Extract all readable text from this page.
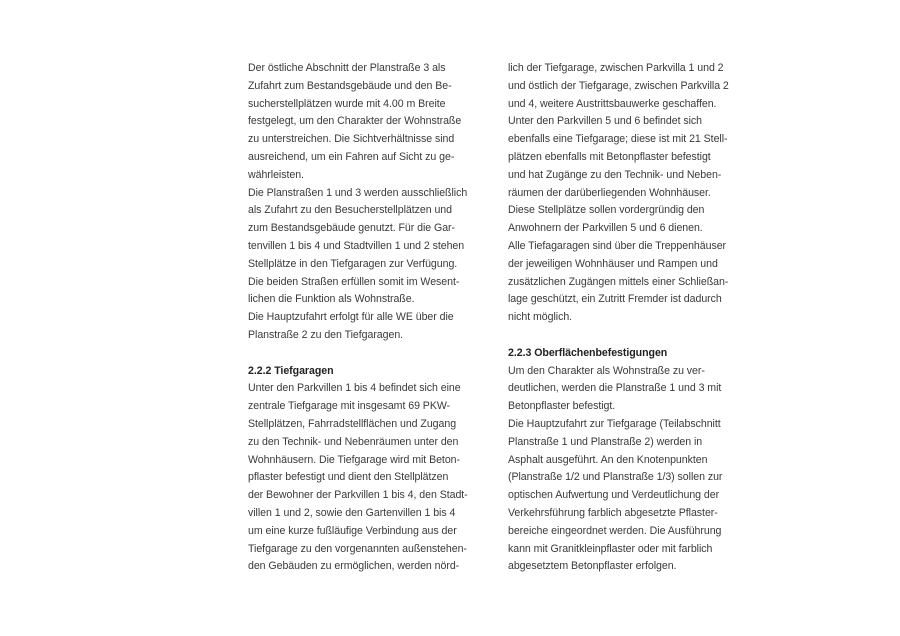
Der östliche Abschnitt der Planstraße 3 als
Zufahrt zum Bestandsgebäude und den Be-
sucherstellplätzen wurde mit 4.00 m Breite
festgelegt, um den Charakter der Wohnstraße
zu unterstreichen. Die Sichtverhältnisse sind
ausreichend, um ein Fahren auf Sicht zu ge-
währleisten.
Die Planstraßen 1 und 3 werden ausschließlich
als Zufahrt zu den Besucherstellplätzen und
zum Bestandsgebäude genutzt. Für die Gar-
tenvillen 1 bis 4 und Stadtvillen 1 und 2 stehen
Stellplätze in den Tiefgaragen zur Verfügung.
Die beiden Straßen erfüllen somit im Wesent-
lichen die Funktion als Wohnstraße.
Die Hauptzufahrt erfolgt für alle WE über die
Planstraße 2 zu den Tiefgaragen.
2.2.2 Tiefgaragen
Unter den Parkvillen 1 bis 4 befindet sich eine
zentrale Tiefgarage mit insgesamt 69 PKW-
Stellplätzen, Fahrradstellflächen und Zugang
zu den Technik- und Nebenräumen unter den
Wohnhäusern. Die Tiefgarage wird mit Beton-
pflaster befestigt und dient den Stellplätzen
der Bewohner der Parkvillen 1 bis 4, den Stadt-
villen 1 und 2, sowie den Gartenvillen 1 bis 4
um eine kurze fußläufige Verbindung aus der
Tiefgarage zu den vorgenannten außenstehen-
den Gebäuden zu ermöglichen, werden nörd-
lich der Tiefgarage, zwischen Parkvilla 1 und 2
und östlich der Tiefgarage, zwischen Parkvilla 2
und 4, weitere Austrittsbauwerke geschaffen.
Unter den Parkvillen 5 und 6 befindet sich
ebenfalls eine Tiefgarage; diese ist mit 21 Stell-
plätzen ebenfalls mit Betonpflaster befestigt
und hat Zugänge zu den Technik- und Neben-
räumen der darüberliegenden Wohnhäuser.
Diese Stellplätze sollen vordergründig den
Anwohnern der Parkvillen 5 und 6 dienen.
Alle Tiefagaragen sind über die Treppenhäuser
der jeweiligen Wohnhäuser und Rampen und
zusätzlichen Zugängen mittels einer Schließan-
lage geschützt, ein Zutritt Fremder ist dadurch
nicht möglich.
2.2.3 Oberflächenbefestigungen
Um den Charakter als Wohnstraße zu ver-
deutlichen, werden die Planstraße 1 und 3 mit
Betonpflaster befestigt.
Die Hauptzufahrt zur Tiefgarage (Teilabschnitt
Planstraße 1 und Planstraße 2) werden in
Asphalt ausgeführt. An den Knotenpunkten
(Planstraße 1/2 und Planstraße 1/3) sollen zur
optischen Aufwertung und Verdeutlichung der
Verkehrsführung farblich abgesetzte Pflaster-
bereiche eingeordnet werden. Die Ausführung
kann mit Granitkleinpflaster oder mit farblich
abgesetztem Betonpflaster erfolgen.
